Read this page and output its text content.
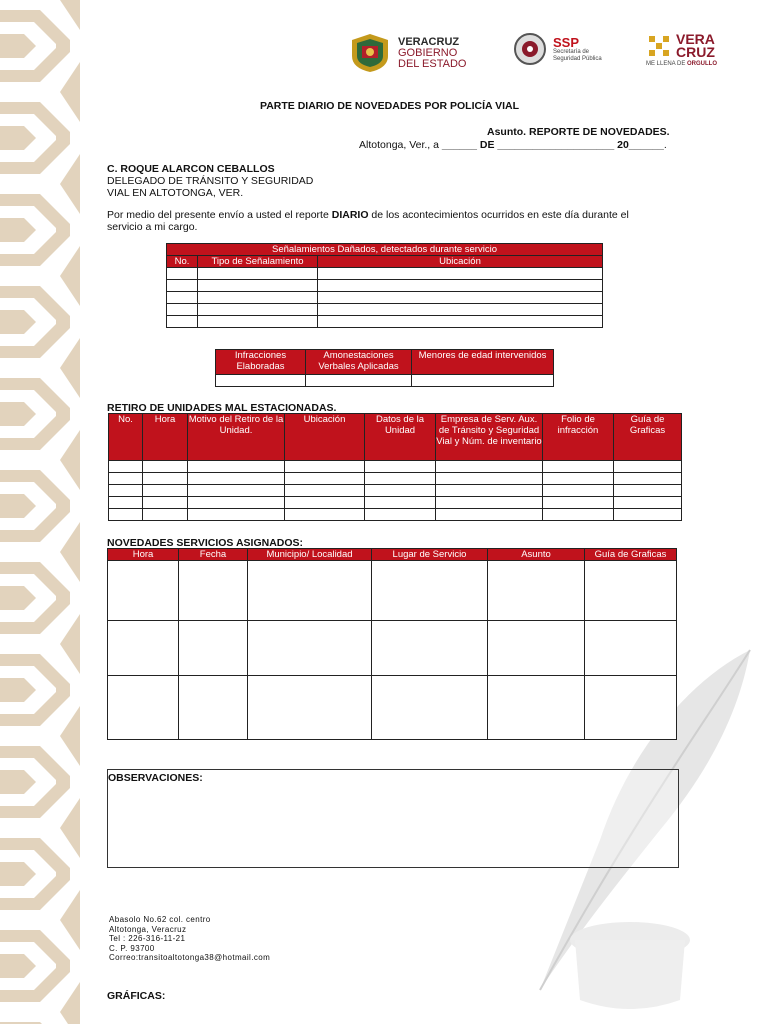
VERACRUZ
GOBIERNO
DEL ESTADO
SSP
Secretaría de
Seguridad Pública
VERA
CRUZ
ME LLENA DE ORGULLO
PARTE DIARIO DE NOVEDADES POR POLICÍA VIAL
Asunto. REPORTE DE NOVEDADES.
Altotonga, Ver., a ______ DE ____________________ 20______.
C. ROQUE ALARCON CEBALLOS
DELEGADO DE TRÁNSITO Y SEGURIDAD
VIAL EN ALTOTONGA, VER.
Por medio del presente envío a usted el reporte DIARIO de los acontecimientos ocurridos en este día durante el servicio a mi cargo.
Señalamientos Dañados, detectados durante servicio		
No.	Tipo de Señalamiento	Ubicación

Infracciones Elaboradas	Amonestaciones Verbales Aplicadas	Menores de edad intervenidos

RETIRO DE UNIDADES MAL ESTACIONADAS.
No.	Hora	Motivo del Retiro de la Unidad.	Ubicación	Datos de la Unidad	Empresa de Serv. Aux. de Tránsito y Seguridad Vial y Núm. de inventario	Folio de infracción	Guía de Graficas

NOVEDADES SERVICIOS ASIGNADOS:
Hora	Fecha	Municipio/ Localidad	Lugar de Servicio	Asunto	Guía de Graficas

OBSERVACIONES:
Abasolo No.62 col. centro
Altotonga, Veracruz
Tel : 226-316-11-21
C. P. 93700
Correo:transitoaltotonga38@hotmail.com
GRÁFICAS:
